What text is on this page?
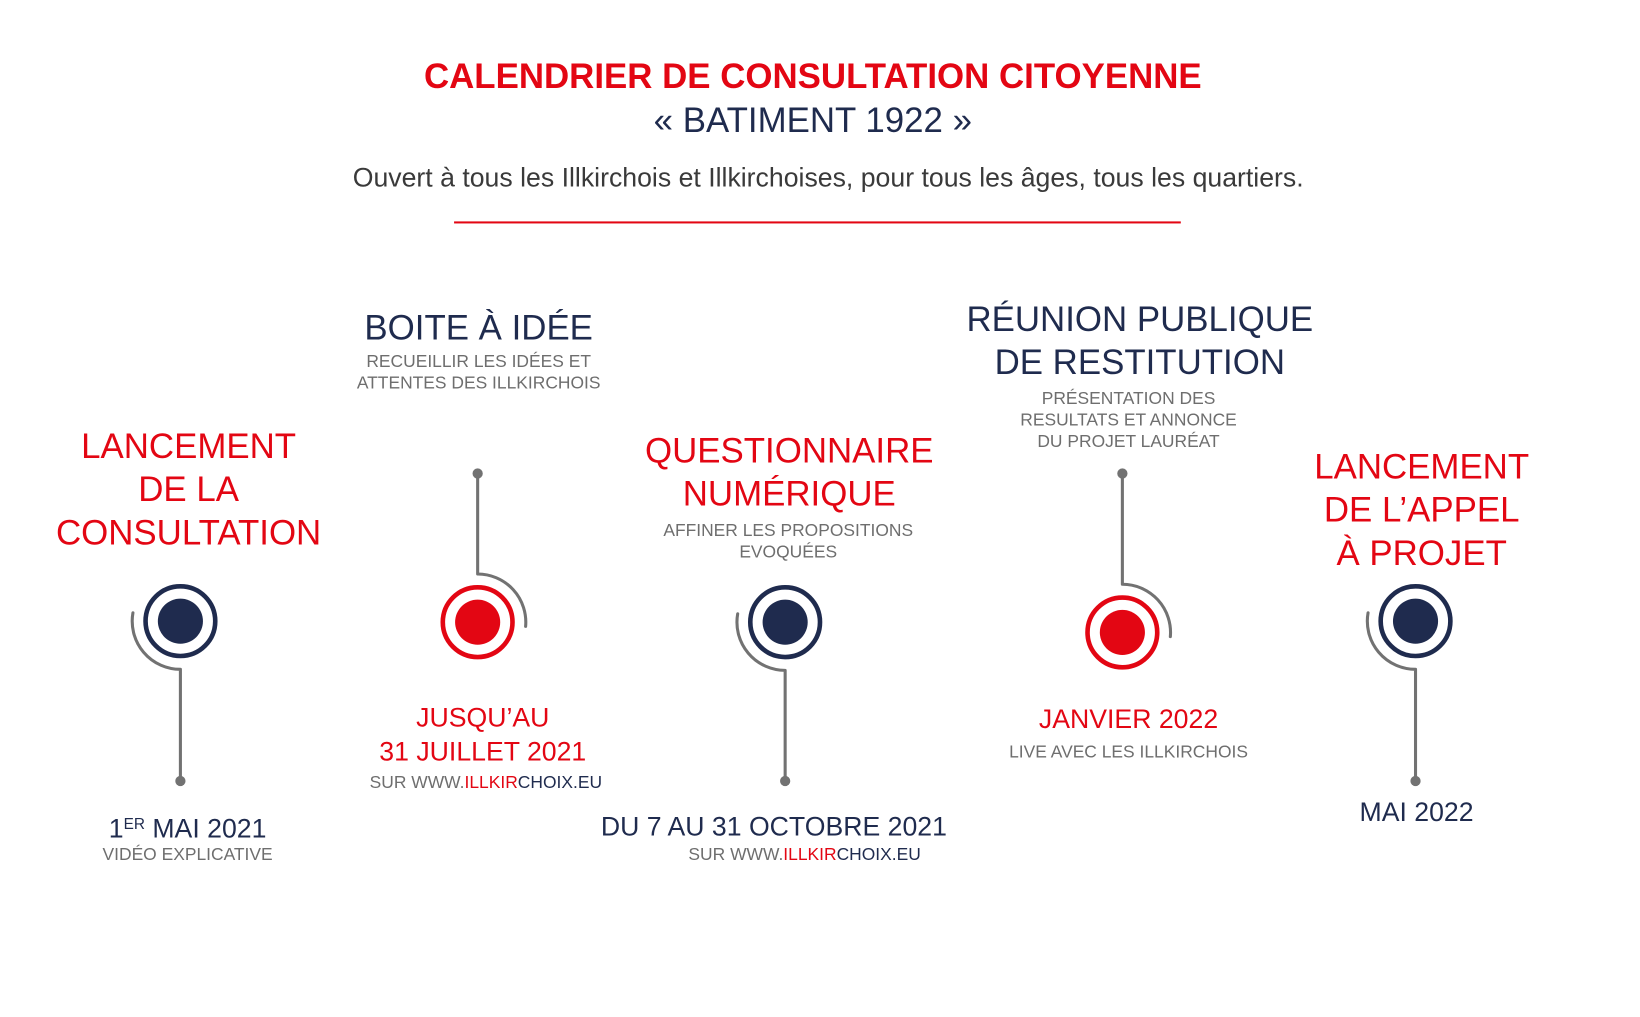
CALENDRIER DE CONSULTATION CITOYENNE
« BATIMENT 1922 »
Ouvert à tous les Illkirchois et Illkirchoises, pour tous les âges, tous les quartiers.
LANCEMENT
DE LA
CONSULTATION
1ER MAI 2021
VIDÉO EXPLICATIVE
BOITE À IDÉE
RECUEILLIR LES IDÉES ET
ATTENTES DES ILLKIRCHOIS
JUSQU’AU
31 JUILLET 2021
SUR WWW.ILLKIRCHOIX.EU
QUESTIONNAIRE
NUMÉRIQUE
AFFINER LES PROPOSITIONS
EVOQUÉES
DU 7 AU 31 OCTOBRE 2021
SUR WWW.ILLKIRCHOIX.EU
RÉUNION PUBLIQUE
DE RESTITUTION
PRÉSENTATION DES
RESULTATS ET ANNONCE
DU PROJET LAURÉAT
JANVIER 2022
LIVE AVEC LES ILLKIRCHOIS
LANCEMENT
DE L’APPEL
À PROJET
MAI 2022
